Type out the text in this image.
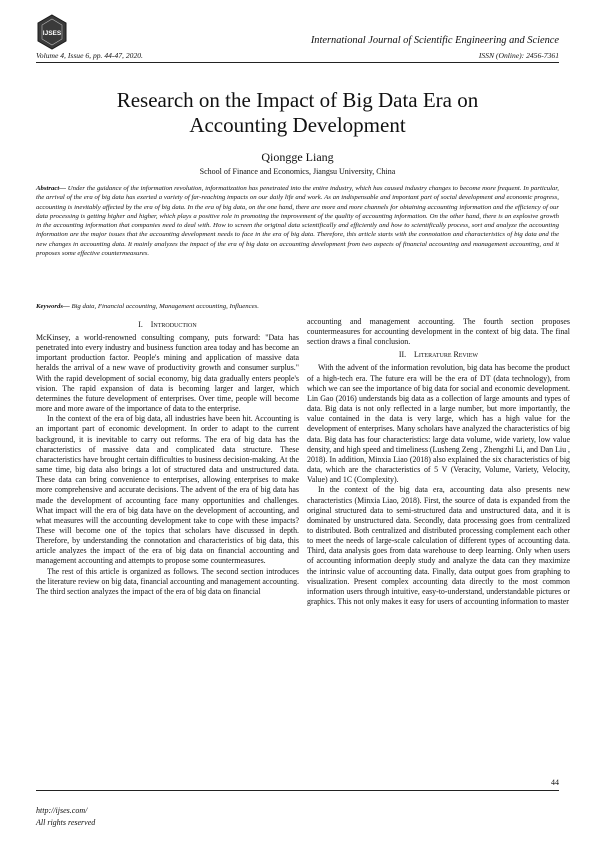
IJSES
International Journal of Scientific Engineering and Science
Volume 4, Issue 6, pp. 44-47, 2020.	ISSN (Online): 2456-7361
Research on the Impact of Big Data Era on
Accounting Development
Qiongge Liang
School of Finance and Economics, Jiangsu University, China

Abstract— Under the guidance of the information revolution, informatization has penetrated into the entire industry, which has caused industry changes to become more frequent. In particular, the arrival of the era of big data has exerted a variety of far-reaching impacts on our daily life and work. As an indispensable and important part of social development and economic progress, accounting is inevitably affected by the era of big data. In the era of big data, on the one hand, there are more and more channels for obtaining accounting information and the efficiency of our data processing is getting higher and higher, which plays a positive role in promoting the improvement of the quality of accounting information. On the other hand, there is an explosive growth in the accounting information that companies need to deal with. How to screen the original data scientifically and efficiently and how to scientifically process, sort and analyze the accounting information are the major issues that the accounting development needs to face in the era of big data. Therefore, this article starts with the connotation and characteristics of big data and the new changes in accounting data. It mainly analyzes the impact of the era of big data on accounting development from two aspects of financial accounting and management accounting, and it proposes some effective countermeasures.

Keywords— Big data, Financial accounting, Management accounting, Influences.

I. Introduction

McKinsey, a world-renowned consulting company, puts forward: "Data has penetrated into every industry and business function area today and has become an important production factor. People's mining and application of massive data heralds the arrival of a new wave of productivity growth and consumer surplus." With the rapid development of social economy, big data gradually enters people's vision. The rapid expansion of data is becoming larger and larger, which determines the future development of enterprises. Over time, people will become more and more aware of the importance of data to the enterprise.

In the context of the era of big data, all industries have been hit. Accounting is an important part of economic development. In order to adapt to the current background, it is inevitable to carry out reforms. The era of big data has the characteristics of massive data and complicated data structure. These characteristics have brought certain difficulties to business decision-making. At the same time, big data also brings a lot of structured data and unstructured data. These data can bring convenience to enterprises, allowing enterprises to make more comprehensive and accurate decisions. The advent of the era of big data has made the development of accounting face many opportunities and challenges. What impact will the era of big data have on the development of accounting, and what measures will the accounting development take to cope with these impacts? These will become one of the topics that scholars have discussed in depth. Therefore, by understanding the connotation and characteristics of big data, this article analyzes the impact of the era of big data on financial accounting and management accounting and attempts to propose some countermeasures.

The rest of this article is organized as follows. The second section introduces the literature review on big data, financial accounting and management accounting. The third section analyzes the impact of the era of big data on financial

accounting and management accounting. The fourth section proposes countermeasures for accounting development in the context of big data. The final section draws a final conclusion.

II. Literature Review

With the advent of the information revolution, big data has become the product of a high-tech era. The future era will be the era of DT (data technology), from which we can see the importance of big data for social and economic development. Lin Gao (2016) understands big data as a collection of large amounts and types of data. Big data is not only reflected in a large number, but more importantly, the value contained in the data is very large, which has a high value for the development of enterprises. Many scholars have analyzed the characteristics of big data. Big data has four characteristics: large data volume, wide variety, low value density, and high speed and timeliness (Lusheng Zeng , Zhengzhi Li, and Dan Liu , 2018). In addition, Minxia Liao (2018) also explained the six characteristics of big data, which are the characteristics of 5 V (Veracity, Volume, Variety, Velocity, Value) and 1C (Complexity).

In the context of the big data era, accounting data also presents new characteristics (Minxia Liao, 2018). First, the source of data is expanded from the original structured data to semi-structured data and unstructured data, and it is dominated by unstructured data. Secondly, data processing goes from centralized to distributed. Both centralized and distributed processing complement each other to meet the needs of large-scale calculation of different types of accounting data. Third, data analysis goes from data warehouse to deep learning. Only when users of accounting information deeply study and analyze the data can they maximize the intrinsic value of accounting data. Finally, data output goes from graphing to visualization. Present complex accounting data directly to the most common information users through intuitive, easy-to-understand, understandable pictures or graphics. This not only makes it easy for users of accounting information to master

44
http://ijses.com/
All rights reserved
